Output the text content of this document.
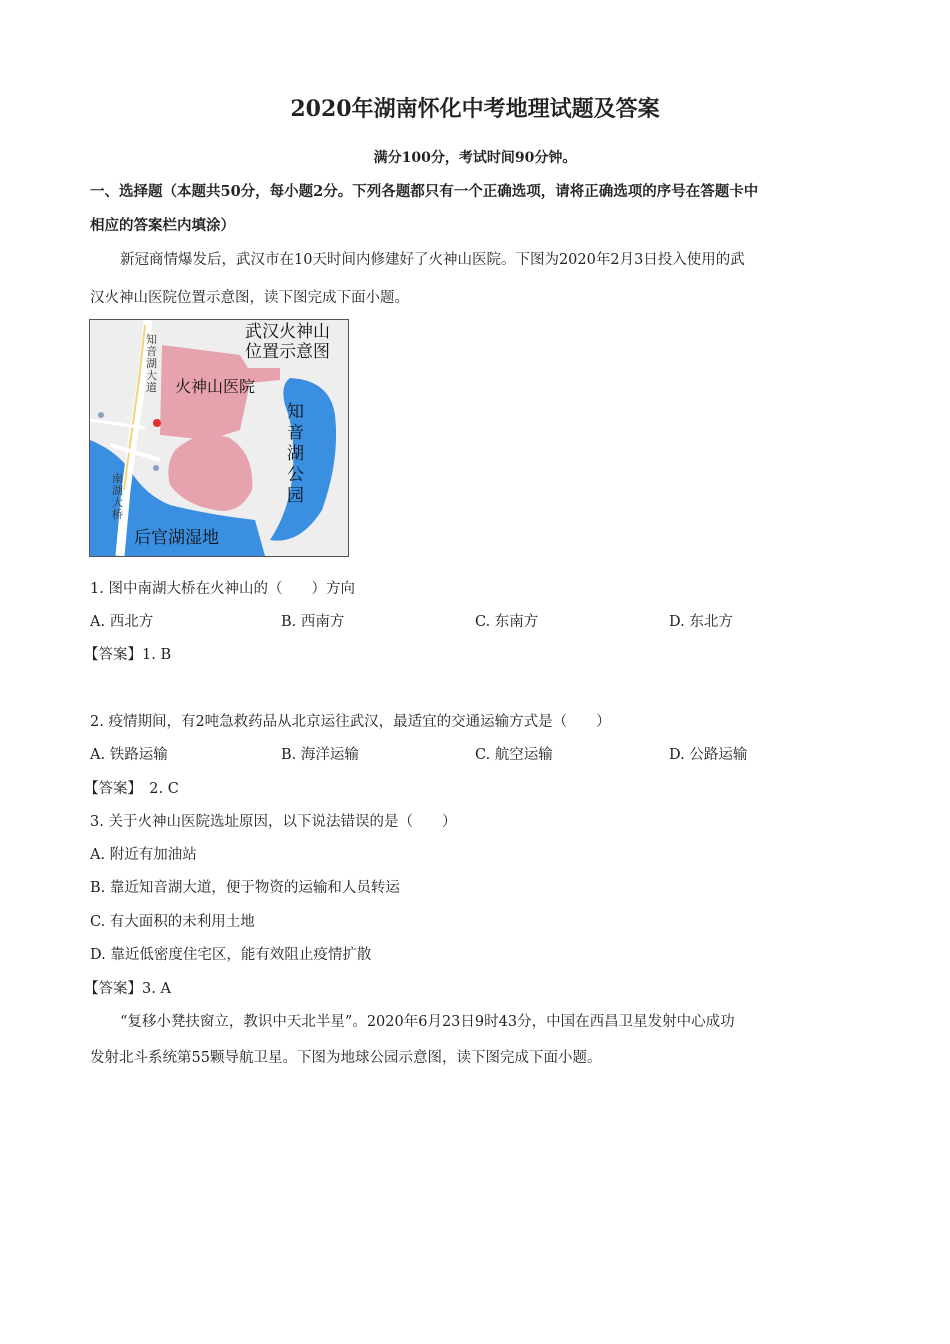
2020年湖南怀化中考地理试题及答案
满分100分，考试时间90分钟。
一、选择题（本题共50分，每小题2分。下列各题都只有一个正确选项，请将正确选项的序号在答题卡中
相应的答案栏内填涂）
新冠商情爆发后，武汉市在10天时间内修建好了火神山医院。下图为2020年2月3日投入使用的武
汉火神山医院位置示意图，读下图完成下面小题。
武汉火神山
位置示意图
火神山医院
知
音
湖
公
园
知
音
湖
大
道
南
湖
大
桥
后官湖湿地
1. 图中南湖大桥在火神山的（　　）方向
A. 西北方	B. 西南方	C. 东南方	D. 东北方
【答案】1. B
2. 疫情期间，有2吨急救药品从北京运往武汉，最适宜的交通运输方式是（　　）
A. 铁路运输	B. 海洋运输	C. 航空运输	D. 公路运输
【答案】　2. C
3. 关于火神山医院选址原因，以下说法错误的是（　　）
A. 附近有加油站
B. 靠近知音湖大道，便于物资的运输和人员转运
C. 有大面积的未利用土地
D. 靠近低密度住宅区，能有效阻止疫情扩散
【答案】3. A
“复移小凳扶窗立，教识中天北半星”。2020年6月23日9时43分，中国在西昌卫星发射中心成功
发射北斗系统第55颗导航卫星。下图为地球公园示意图，读下图完成下面小题。
